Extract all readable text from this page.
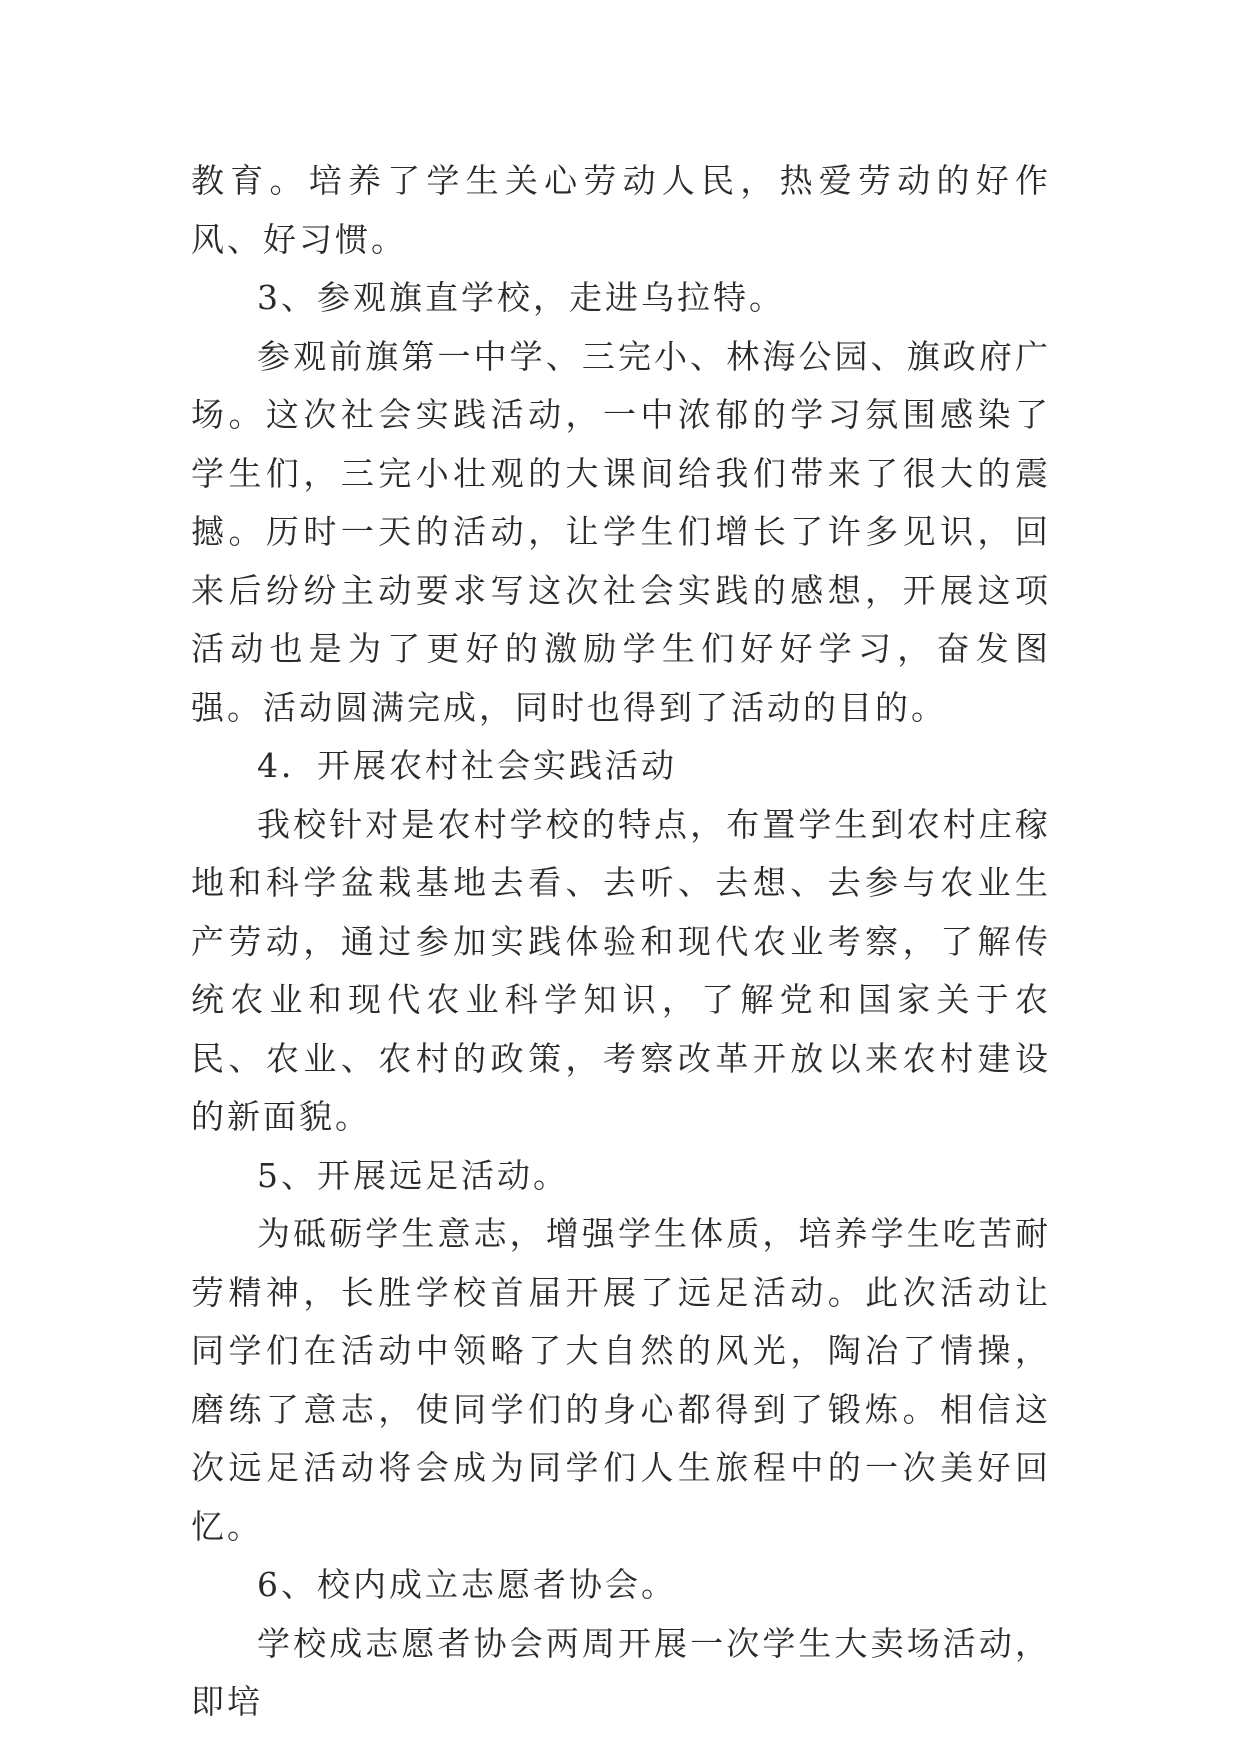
教育。培养了学生关心劳动人民，热爱劳动的好作风、好习惯。

3、参观旗直学校，走进乌拉特。

参观前旗第一中学、三完小、林海公园、旗政府广场。这次社会实践活动，一中浓郁的学习氛围感染了学生们，三完小壮观的大课间给我们带来了很大的震撼。历时一天的活动，让学生们增长了许多见识，回来后纷纷主动要求写这次社会实践的感想，开展这项活动也是为了更好的激励学生们好好学习，奋发图强。活动圆满完成，同时也得到了活动的目的。

4．开展农村社会实践活动

我校针对是农村学校的特点，布置学生到农村庄稼地和科学盆栽基地去看、去听、去想、去参与农业生产劳动，通过参加实践体验和现代农业考察，了解传统农业和现代农业科学知识，了解党和国家关于农民、农业、农村的政策，考察改革开放以来农村建设的新面貌。

5、开展远足活动。

为砥砺学生意志，增强学生体质，培养学生吃苦耐劳精神，长胜学校首届开展了远足活动。此次活动让同学们在活动中领略了大自然的风光，陶冶了情操，磨练了意志，使同学们的身心都得到了锻炼。相信这次远足活动将会成为同学们人生旅程中的一次美好回忆。

6、校内成立志愿者协会。

学校成志愿者协会两周开展一次学生大卖场活动，即培
